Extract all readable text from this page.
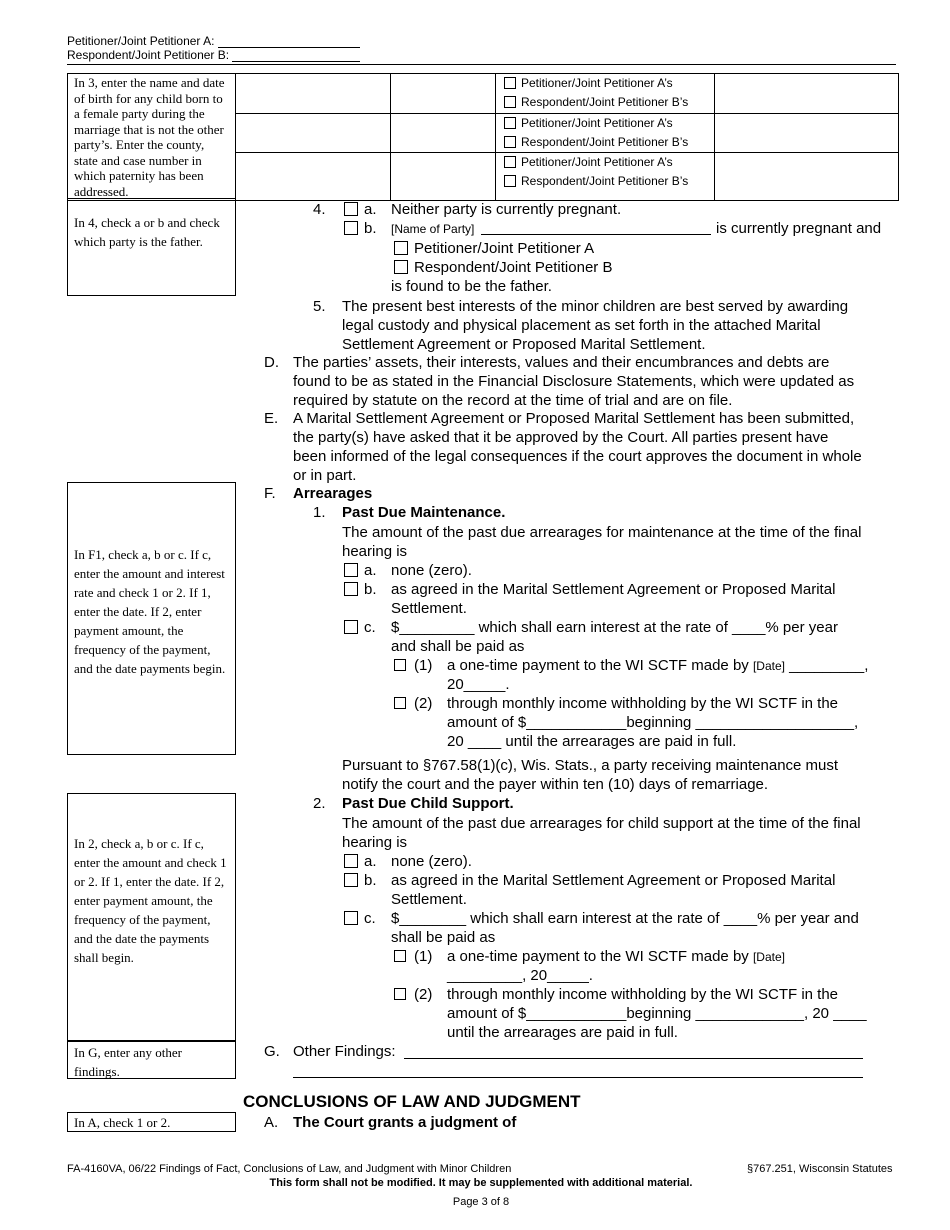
Petitioner/Joint Petitioner A:
Respondent/Joint Petitioner B:
In 3, enter the name and date of birth for any child born to a female party during the marriage that is not the other party’s. Enter the county, state and case number in which paternity has been addressed.			Petitioner/Joint Petitioner A’s
Respondent/Joint Petitioner B’s	

			Petitioner/Joint Petitioner A’s
Respondent/Joint Petitioner B’s	

			Petitioner/Joint Petitioner A’s
Respondent/Joint Petitioner B’s	

In 4, check a or b and check which party is the father.
In F1, check a, b or c. If c, enter the amount and interest rate and check 1 or 2. If 1, enter the date. If 2, enter payment amount, the frequency of the payment, and the date payments begin.
In 2, check a, b or c. If c, enter the amount and check 1 or 2. If 1, enter the date. If 2, enter payment amount, the frequency of the payment, and the date the payments shall begin.
In G, enter any other findings.
In A, check 1 or 2.
4.	a. Neither party is currently pregnant.
b. [Name of Party]	is currently pregnant and
Petitioner/Joint Petitioner A
Respondent/Joint Petitioner B
is found to be the father.
5. The present best interests of the minor children are best served by awarding
legal custody and physical placement as set forth in the attached Marital
Settlement Agreement or Proposed Marital Settlement.
D. The parties’ assets, their interests, values and their encumbrances and debts are
found to be as stated in the Financial Disclosure Statements, which were updated as
required by statute on the record at the time of trial and are on file.
E. A Marital Settlement Agreement or Proposed Marital Settlement has been submitted,
the party(s) have asked that it be approved by the Court. All parties present have
been informed of the legal consequences if the court approves the document in whole
or in part.
F. Arrearages
1. Past Due Maintenance.
The amount of the past due arrearages for maintenance at the time of the final
hearing is
a. none (zero).
b. as agreed in the Marital Settlement Agreement or Proposed Marital
Settlement.
c. $_________ which shall earn interest at the rate of ____% per year
and shall be paid as
(1) a one-time payment to the WI SCTF made by [Date] _________,
20_____.
(2) through monthly income withholding by the WI SCTF in the
amount of $____________beginning ___________________,
20 ____ until the arrearages are paid in full.
Pursuant to §767.58(1)(c), Wis. Stats., a party receiving maintenance must
notify the court and the payer within ten (10) days of remarriage.
2. Past Due Child Support.
The amount of the past due arrearages for child support at the time of the final
hearing is
a. none (zero).
b. as agreed in the Marital Settlement Agreement or Proposed Marital
Settlement.
c. $________ which shall earn interest at the rate of ____% per year and
shall be paid as
(1) a one-time payment to the WI SCTF made by [Date]
_________, 20_____.
(2) through monthly income withholding by the WI SCTF in the
amount of $____________beginning _____________, 20 ____
until the arrearages are paid in full.
G. Other Findings:
CONCLUSIONS OF LAW AND JUDGMENT
A. The Court grants a judgment of
FA-4160VA, 06/22 Findings of Fact, Conclusions of Law, and Judgment with Minor Children	§767.251, Wisconsin Statutes
This form shall not be modified. It may be supplemented with additional material.
Page 3 of 8
